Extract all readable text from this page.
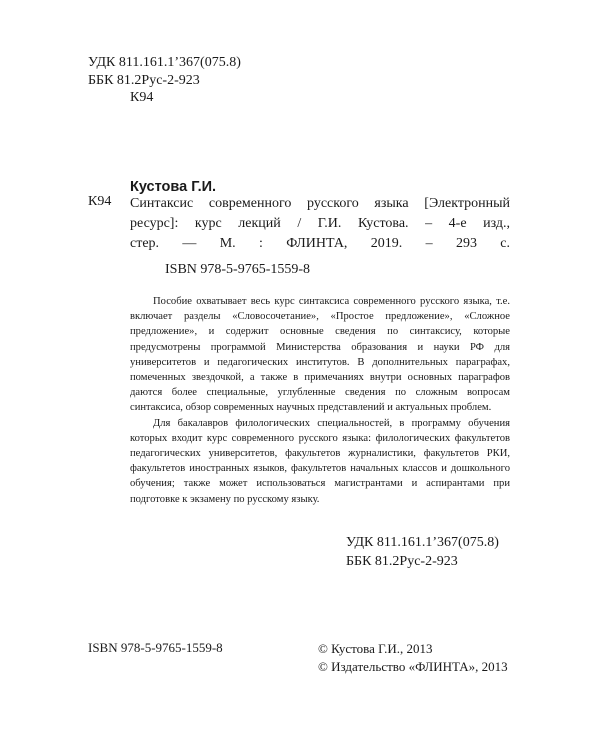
УДК 811.161.1’367(075.8)
ББК 81.2Рус-2-923
К94
Кустова Г.И.
К94 Синтаксис современного русского языка [Электронный
ресурс]: курс лекций / Г.И. Кустова. – 4-е изд.,
стер. — М. : ФЛИНТА, 2019. – 293 с.
ISBN 978-5-9765-1559-8

Пособие охватывает весь курс синтаксиса современного русского языка, т.е. включает разделы «Словосочетание», «Простое предложение», «Сложное предложение», и содержит основные сведения по синтаксису, которые предусмотрены программой Министерства образования и науки РФ для университетов и педагогических институтов. В дополнительных параграфах, помеченных звездочкой, а также в примечаниях внутри основных параграфов даются более специальные, углубленные сведения по сложным вопросам синтаксиса, обзор современных научных представлений и актуальных проблем.

Для бакалавров филологических специальностей, в программу обучения которых входит курс современного русского языка: филологических факультетов педагогических университетов, факультетов журналистики, факультетов РКИ, факультетов иностранных языков, факультетов начальных классов и дошкольного обучения; также может использоваться магистрантами и аспирантами при подготовке к экзамену по русскому языку.

УДК 811.161.1’367(075.8)
ББК 81.2Рус-2-923
ISBN 978-5-9765-1559-8	© Кустова Г.И., 2013
© Издательство «ФЛИНТА», 2013
